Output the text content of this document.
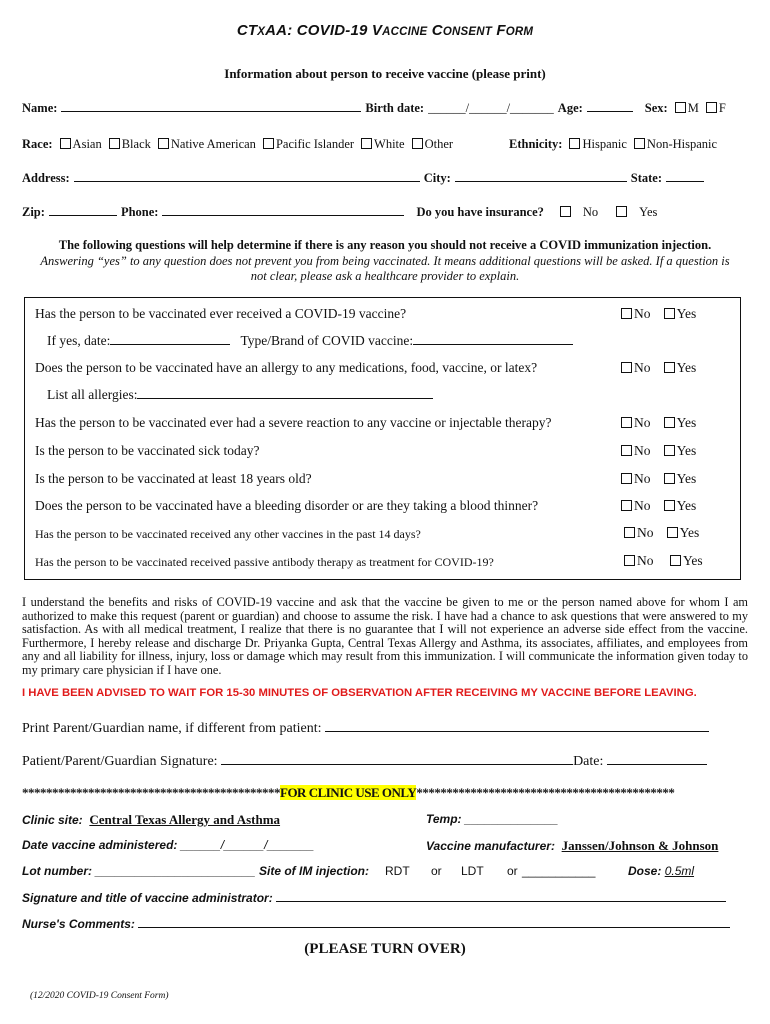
CTXAA: COVID-19 VACCINE CONSENT FORM
Information about person to receive vaccine (please print)
Name:	Birth date: ______/______/_______ Age:	Sex: M F
Race: Asian Black Native American Pacific Islander White Other	Ethnicity: Hispanic Non-Hispanic
Address:	City:	State:
Zip:	Phone:	Do you have insurance?	No	Yes
The following questions will help determine if there is any reason you should not receive a COVID immunization injection.
Answering “yes” to any question does not prevent you from being vaccinated. It means additional questions will be asked. If a question is not clear, please ask a healthcare provider to explain.
Has the person to be vaccinated ever received a COVID-19 vaccine?	No Yes
If yes, date:	Type/Brand of COVID vaccine:
Does the person to be vaccinated have an allergy to any medications, food, vaccine, or latex?	No Yes
List all allergies:
Has the person to be vaccinated ever had a severe reaction to any vaccine or injectable therapy?	No Yes
Is the person to be vaccinated sick today?	No Yes
Is the person to be vaccinated at least 18 years old?	No Yes
Does the person to be vaccinated have a bleeding disorder or are they taking a blood thinner?	No Yes
Has the person to be vaccinated received any other vaccines in the past 14 days?	No Yes
Has the person to be vaccinated received passive antibody therapy as treatment for COVID-19?	No Yes
I understand the benefits and risks of COVID-19 vaccine and ask that the vaccine be given to me or the person named above for whom I am authorized to make this request (parent or guardian) and choose to assume the risk. I have had a chance to ask questions that were answered to my satisfaction. As with all medical treatment, I realize that there is no guarantee that I will not experience an adverse side effect from the vaccine. Furthermore, I hereby release and discharge Dr. Priyanka Gupta, Central Texas Allergy and Asthma, its associates, affiliates, and employees from any and all liability for illness, injury, loss or damage which may result from this immunization. I will communicate the information given today to my primary care physician if I have one.
I HAVE BEEN ADVISED TO WAIT FOR 15-30 MINUTES OF OBSERVATION AFTER RECEIVING MY VACCINE BEFORE LEAVING.
Print Parent/Guardian name, if different from patient:
Patient/Parent/Guardian Signature:	Date:
*******************************************FOR CLINIC USE ONLY*******************************************
Clinic site: Central Texas Allergy and Asthma	Temp: ______________
Date vaccine administered: ______/______/_______	Vaccine manufacturer: Janssen/Johnson & Johnson
Lot number: ________________________ Site of IM injection: RDT or LDT or ___________	Dose: 0.5ml
Signature and title of vaccine administrator:
Nurse's Comments:
(PLEASE TURN OVER)
(12/2020 COVID-19 Consent Form)
